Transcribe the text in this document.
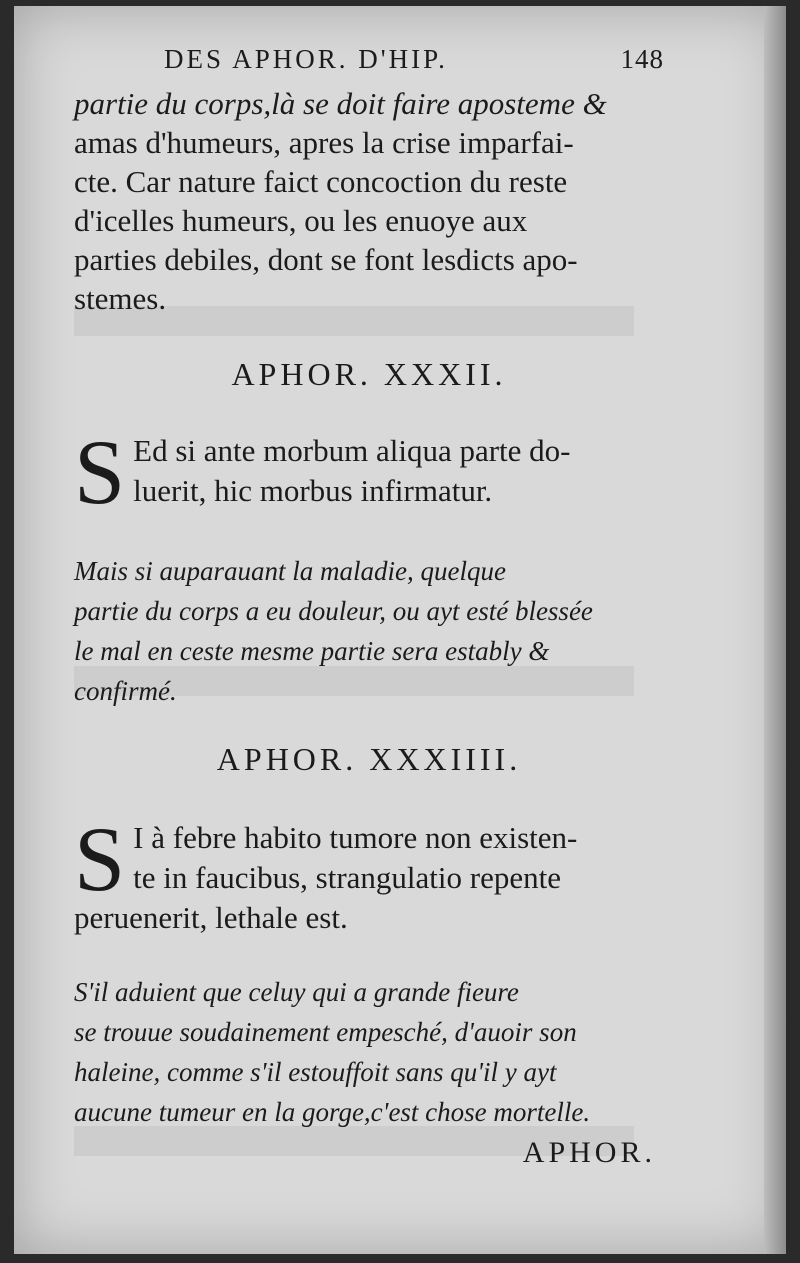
DES APHOR. D'HIP.	148
partie du corps,là se doit faire aposteme &
amas d'humeurs, apres la crise imparfai-
cte. Car nature faict concoction du reste
d'icelles humeurs, ou les enuoye aux
parties debiles, dont se font lesdicts apo-
stemes.
APHOR. XXXII.
S Ed si ante morbum aliqua parte do-
luerit, hic morbus infirmatur.
Mais si auparauant la maladie, quelque
partie du corps a eu douleur, ou ayt esté blessée
le mal en ceste mesme partie sera estably &
confirmé.
APHOR. XXXIIII.
S I à febre habito tumore non existen-
te in faucibus, strangulatio repente
peruenerit, lethale est.
S'il aduient que celuy qui a grande fieure
se trouue soudainement empesché, d'auoir son
haleine, comme s'il estouffoit sans qu'il y ayt
aucune tumeur en la gorge,c'est chose mortelle.
APHOR.
